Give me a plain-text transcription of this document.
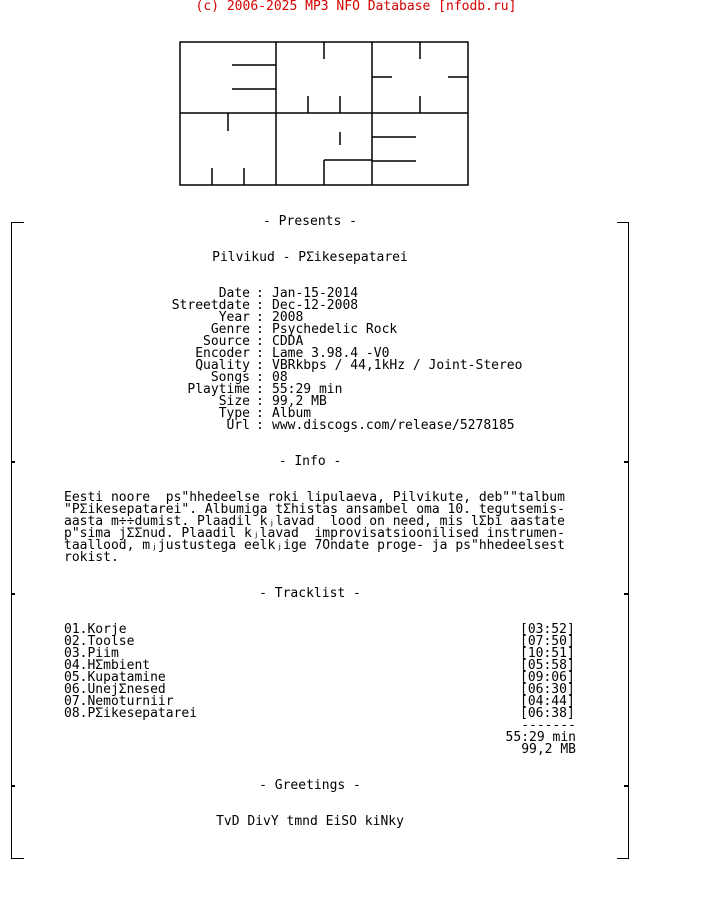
(c) 2006-2025 MP3 NFO Database [nfodb.ru]
- Presents -
Pilvikud - PΣikesepatarei
Date : Jan-15-2014
Streetdate : Dec-12-2008
Year : 2008
Genre : Psychedelic Rock
Source : CDDA
Encoder : Lame 3.98.4 -V0
Quality : VBRkbps / 44,1kHz / Joint-Stereo
Songs : 08
Playtime : 55:29 min
Size : 99,2 MB
Type : Album
Url : www.discogs.com/release/5278185
- Info -
Eesti noore  ps"hhedeelse roki lipulaeva, Pilvikute, deb""talbum
"PΣikesepatarei". Albumiga tΣhistas ansambel oma 10. tegutsemis-
aasta m÷÷dumist. Plaadil kⱼlavad  lood on need, mis lΣbi aastate
p"sima jΣΣnud. Plaadil kⱼlavad  improvisatsioonilised instrumen-
taallood, mⱼjustustega eelkⱼige 7Ondate proge- ja ps"hhedeelsest
rokist.
- Tracklist -
01.Korje	[03:52]
02.Toolse	[07:50]
03.Piim	[10:51]
04.HΣmbient	[05:58]
05.Kupatamine	[09:06]
06.UnejΣnesed	[06:30]
07.Nemoturniir	[04:44]
08.PΣikesepatarei	[06:38]
-------
55:29 min
99,2 MB
- Greetings -
TvD DivY tmnd EiSO kiNky
